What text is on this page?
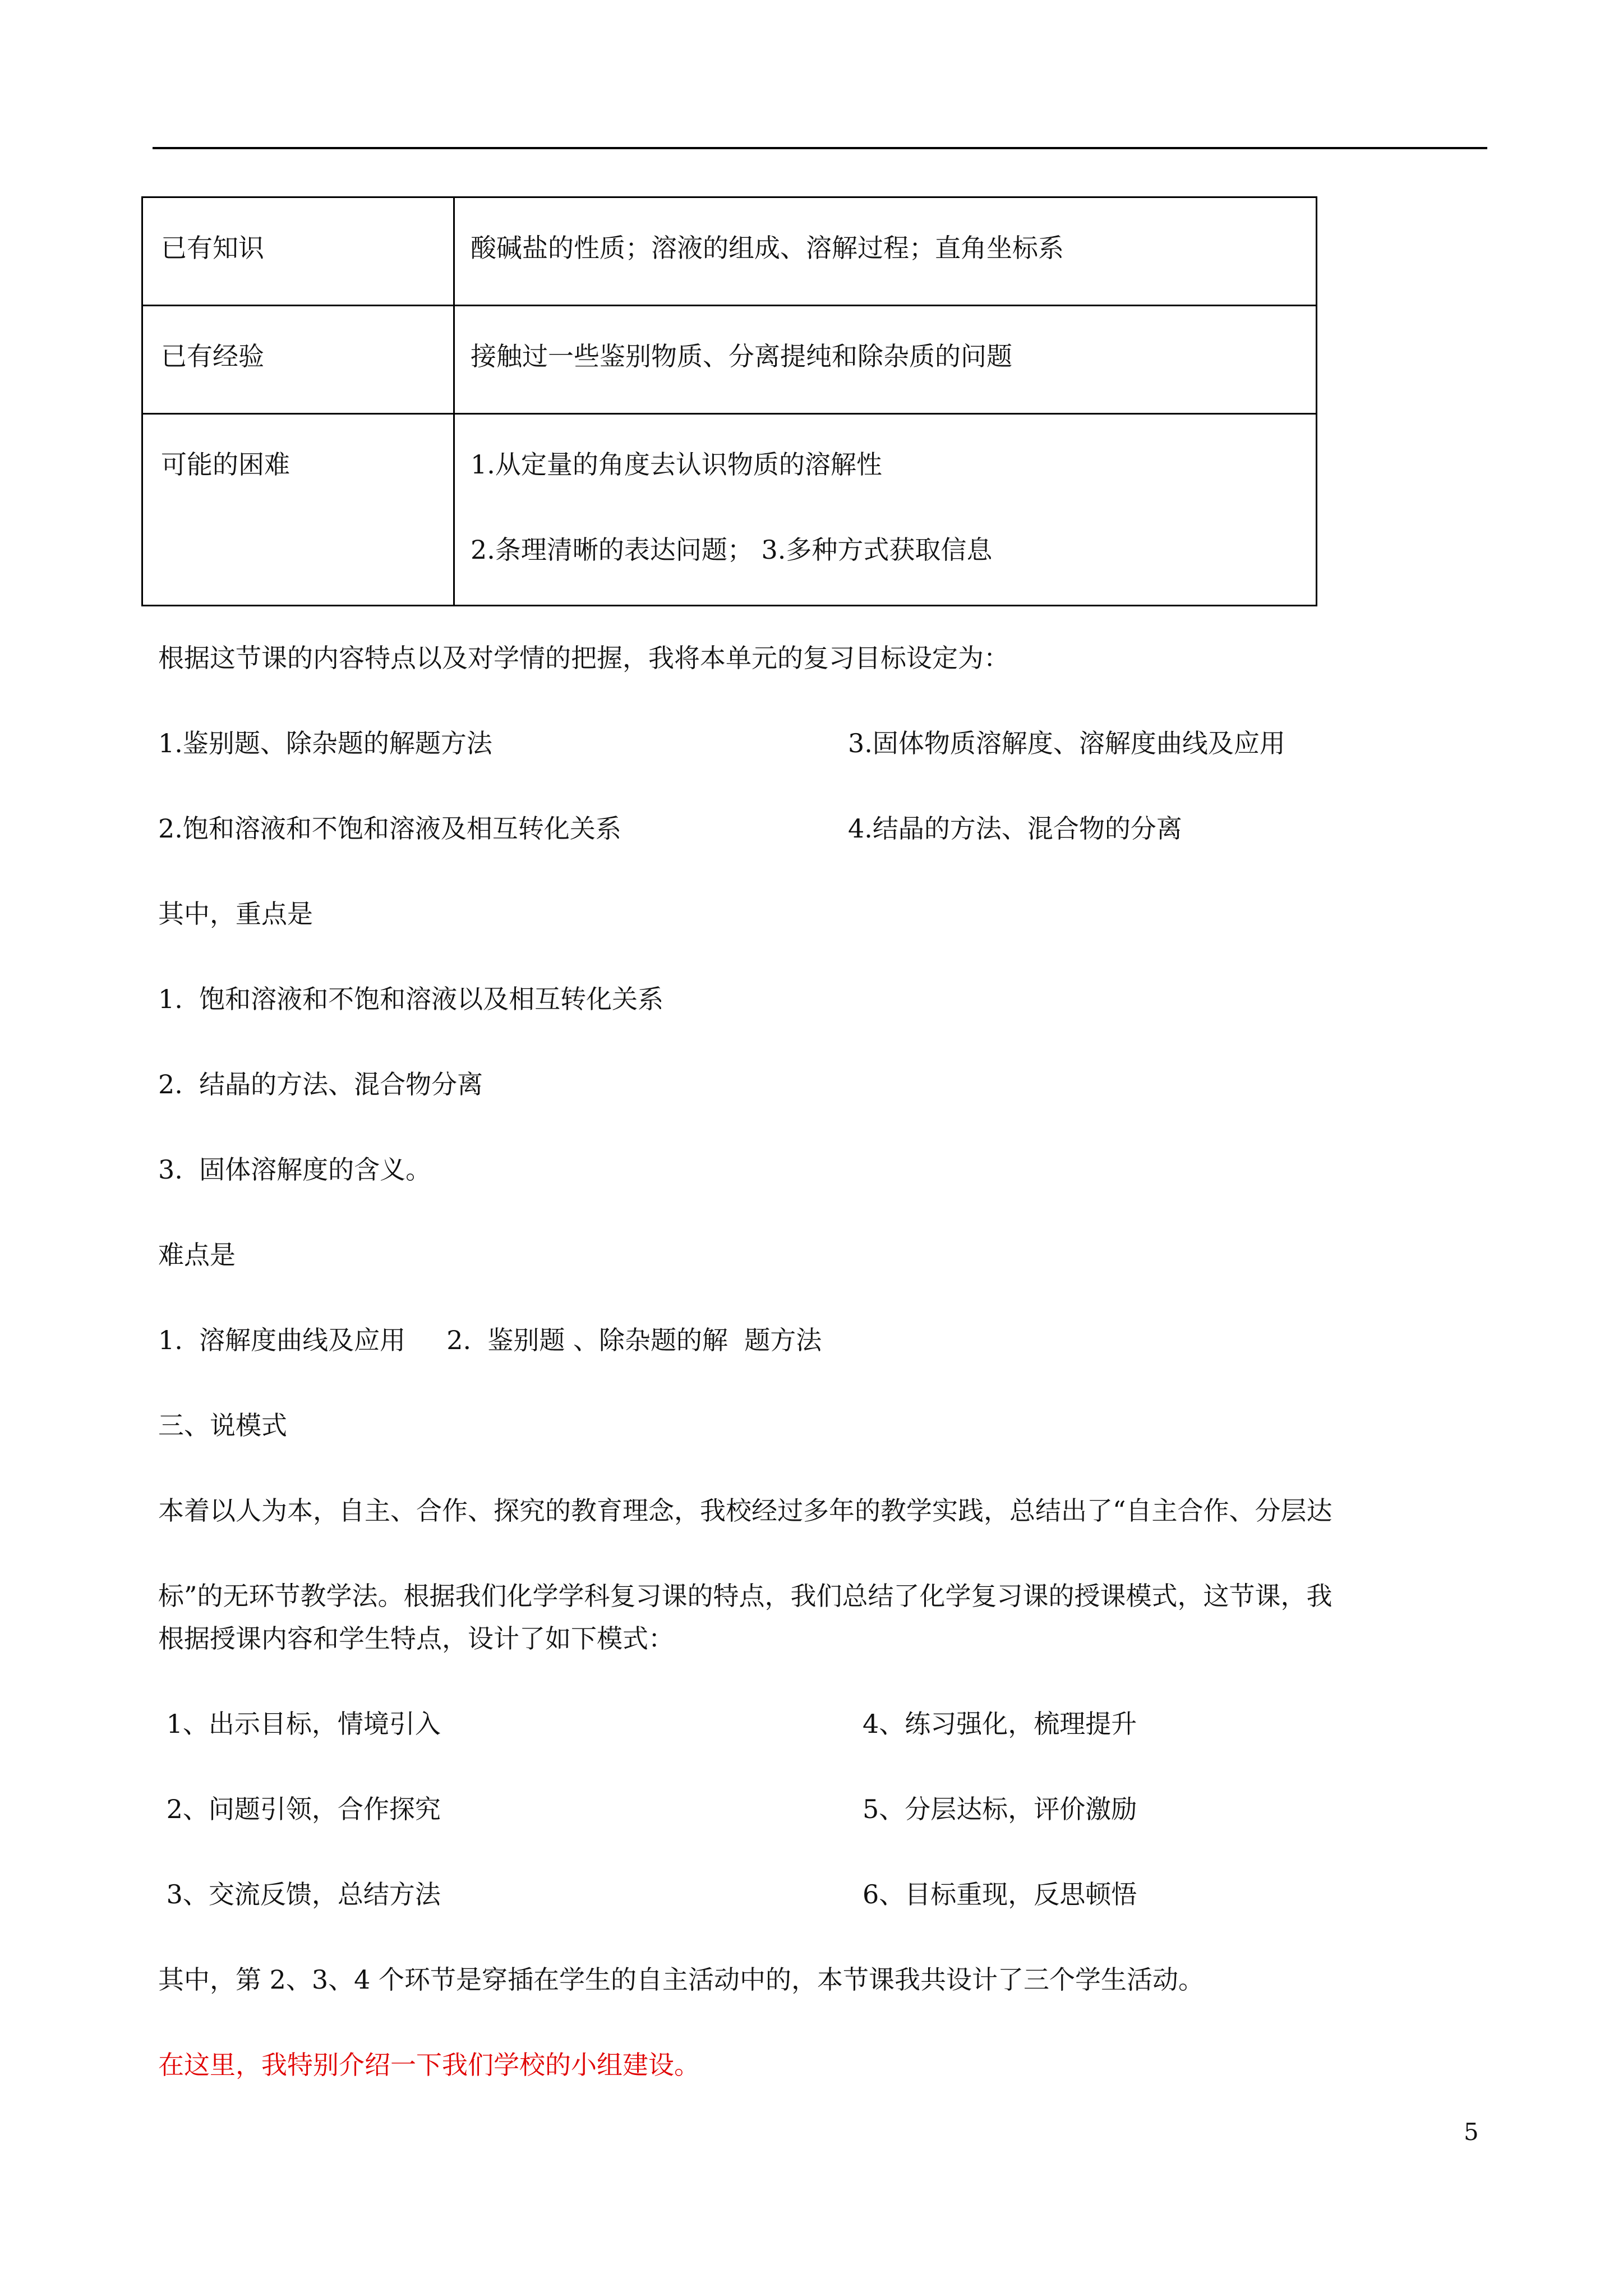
已有知识	酸碱盐的性质；溶液的组成、溶解过程；直角坐标系

已有经验	接触过一些鉴别物质、分离提纯和除杂质的问题

可能的困难	1.从定量的角度去认识物质的溶解性
2.条理清晰的表达问题； 3.多种方式获取信息
根据这节课的内容特点以及对学情的把握，我将本单元的复习目标设定为：
1.鉴别题、除杂题的解题方法	3.固体物质溶解度、溶解度曲线及应用
2.饱和溶液和不饱和溶液及相互转化关系	4.结晶的方法、混合物的分离
其中，重点是
1.  饱和溶液和不饱和溶液以及相互转化关系
2.  结晶的方法、混合物分离
3.  固体溶解度的含义。
难点是
1.  溶解度曲线及应用     2.  鉴别题 、除杂题的解  题方法
三、说模式
本着以人为本，自主、合作、探究的教育理念，我校经过多年的教学实践，总结出了“自主合作、分层达
标”的无环节教学法。根据我们化学学科复习课的特点，我们总结了化学复习课的授课模式，这节课，我
根据授课内容和学生特点，设计了如下模式：
1、出示目标，情境引入	4、练习强化，梳理提升
2、问题引领，合作探究	5、分层达标，评价激励
3、交流反馈，总结方法	6、目标重现，反思顿悟
其中，第 2、3、4 个环节是穿插在学生的自主活动中的，本节课我共设计了三个学生活动。
在这里，我特别介绍一下我们学校的小组建设。
5
